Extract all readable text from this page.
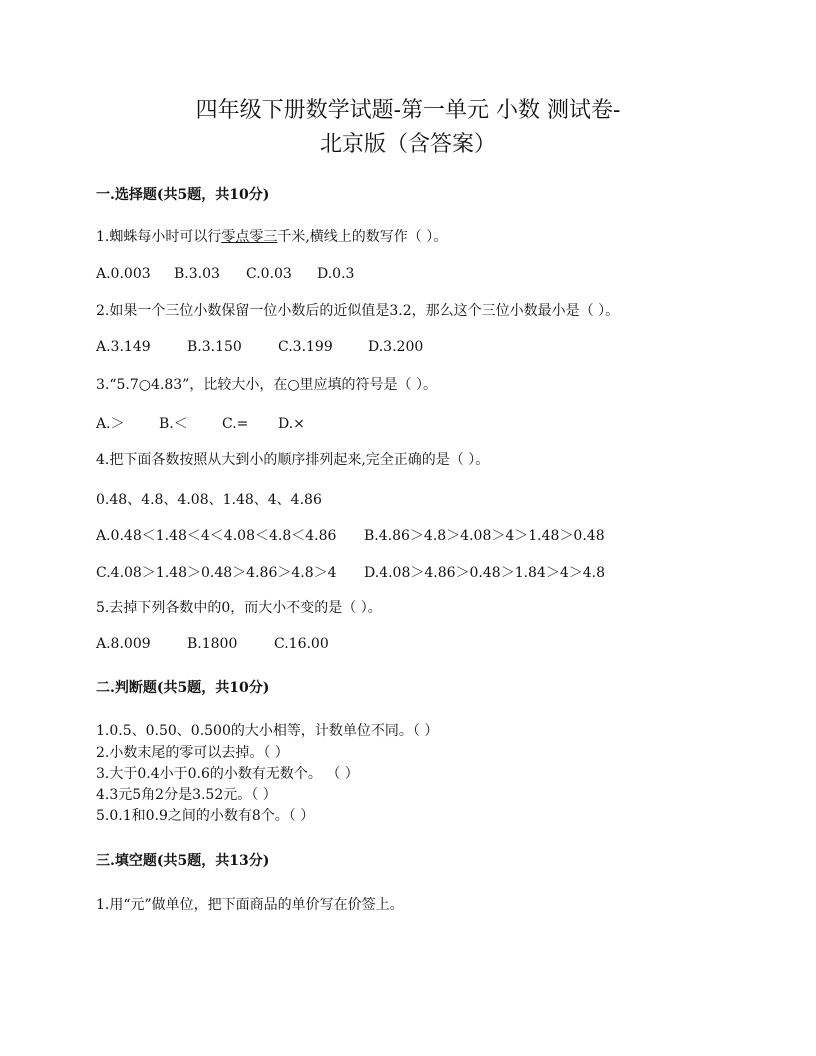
四年级下册数学试题-第一单元 小数 测试卷-
北京版（含答案）
一.选择题(共5题，共10分)
1.蜘蛛每小时可以行零点零三千米,横线上的数写作（ ）。
A.0.003 B.3.03 C.0.03 D.0.3
2.如果一个三位小数保留一位小数后的近似值是3.2，那么这个三位小数最小是（ ）。
A.3.149	B.3.150	C.3.199	D.3.200
3.“5.7○4.83”，比较大小，在○里应填的符号是（ ）。
A.＞ B.＜ C.= D.×
4.把下面各数按照从大到小的顺序排列起来,完全正确的是（ ）。
0.48、4.8、4.08、1.48、4、4.86
A.0.48＜1.48＜4＜4.08＜4.8＜4.86 B.4.86＞4.8＞4.08＞4＞1.48＞0.48
C.4.08＞1.48＞0.48＞4.86＞4.8＞4 D.4.08＞4.86＞0.48＞1.84＞4＞4.8
5.去掉下列各数中的0，而大小不变的是（ ）。
A.8.009	B.1800	C.16.00
二.判断题(共5题，共10分)
1.0.5、0.50、0.500的大小相等，计数单位不同。（ ）
2.小数末尾的零可以去掉。（ ）
3.大于0.4小于0.6的小数有无数个。 （ ）
4.3元5角2分是3.52元。（ ）
5.0.1和0.9之间的小数有8个。（ ）
三.填空题(共5题，共13分)
1.用“元”做单位，把下面商品的单价写在价签上。
